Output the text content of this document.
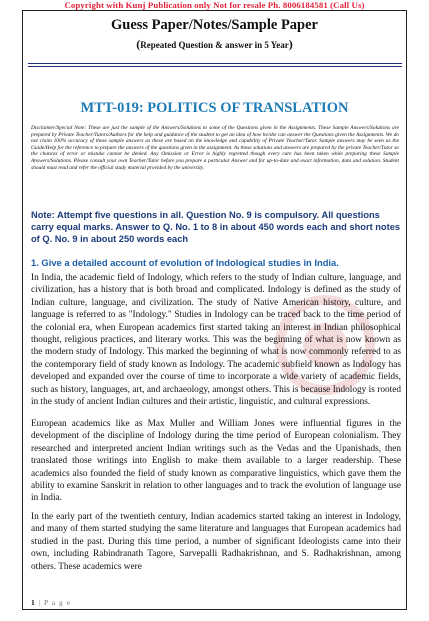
Copyright with Kunj Publication only Not for resale Ph. 8006184581 (Call Us)
Guess Paper/Notes/Sample Paper
(Repeated Question & answer in 5 Year)
MTT-019: POLITICS OF TRANSLATION
Disclaimer/Special Note: These are just the sample of the Answers/Solutions to some of the Questions given in the Assignments. These Sample Answers/Solutions are prepared by Private Teacher/Tutors/Authors for the help and guidance of the student to get an idea of how he/she can answer the Questions given the Assignments. We do not claim 100% accuracy of these sample answers as these are based on the knowledge and capability of Private Teacher/Tutor. Sample answers may be seen as the Guide/Help for the reference to prepare the answers of the questions given in the assignment. As these solutions and answers are prepared by the private Teacher/Tutor so the chances of error or mistake cannot be denied. Any Omission or Error is highly regretted though every care has been taken while preparing these Sample Answers/Solutions. Please consult your own Teacher/Tutor before you prepare a particular Answer and for up-to-date and exact information, data and solution. Student should must read and refer the official study material provided by the university.
Note: Attempt five questions in all. Question No. 9 is compulsory. All questions carry equal marks. Answer to Q. No. 1 to 8 in about 450 words each and short notes of Q. No. 9 in about 250 words each
1. Give a detailed account of evolution of Indological studies in India.
In India, the academic field of Indology, which refers to the study of Indian culture, language, and civilization, has a history that is both broad and complicated. Indology is defined as the study of Indian culture, language, and civilization. The study of Native American history, culture, and language is referred to as "Indology." Studies in Indology can be traced back to the time period of the colonial era, when European academics first started taking an interest in Indian philosophical thought, religious practices, and literary works. This was the beginning of what is now known as the modern study of Indology. This marked the beginning of what is now commonly referred to as the contemporary field of study known as Indology. The academic subfield known as Indology has developed and expanded over the course of time to incorporate a wide variety of academic fields, such as history, languages, art, and archaeology, amongst others. This is because Indology is rooted in the study of ancient Indian cultures and their artistic, linguistic, and cultural expressions.
European academics like as Max Muller and William Jones were influential figures in the development of the discipline of Indology during the time period of European colonialism. They researched and interpreted ancient Indian writings such as the Vedas and the Upanishads, then translated those writings into English to make them available to a larger readership. These academics also founded the field of study known as comparative linguistics, which gave them the ability to examine Sanskrit in relation to other languages and to track the evolution of language use in India.
In the early part of the twentieth century, Indian academics started taking an interest in Indology, and many of them started studying the same literature and languages that European academics had studied in the past. During this time period, a number of significant Ideologists came into their own, including Rabindranath Tagore, Sarvepalli Radhakrishnan, and S. Radhakrishnan, among others. These academics were
1 | P a g e
